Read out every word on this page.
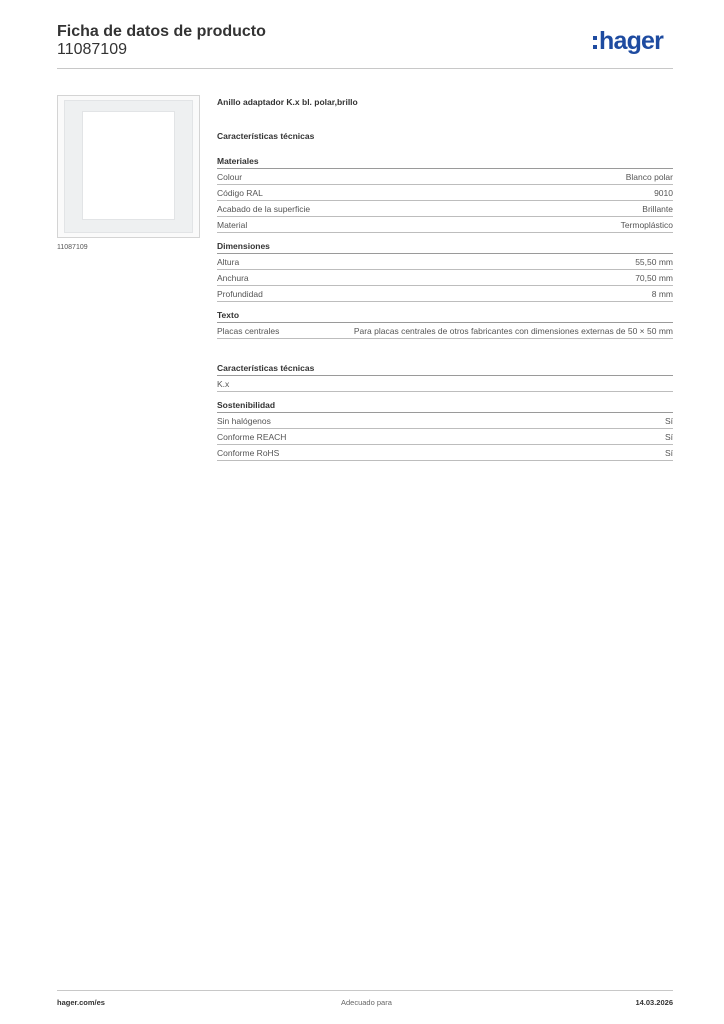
Ficha de datos de producto
11087109	hager
11087109
Anillo adaptador K.x bl. polar,brillo
Características técnicas
Materiales
Colour	Blanco polar
Código RAL	9010
Acabado de la superficie	Brillante
Material	Termoplástico
Dimensiones
Altura	55,50 mm
Anchura	70,50 mm
Profundidad	8 mm
Texto
Placas centrales	Para placas centrales de otros fabricantes con dimensiones externas de 50 × 50 mm
Características técnicas
K.x
Sostenibilidad
Sin halógenos	Sí
Conforme REACH	Sí
Conforme RoHS	Sí
hager.com/es	Adecuado para	14.03.2026
